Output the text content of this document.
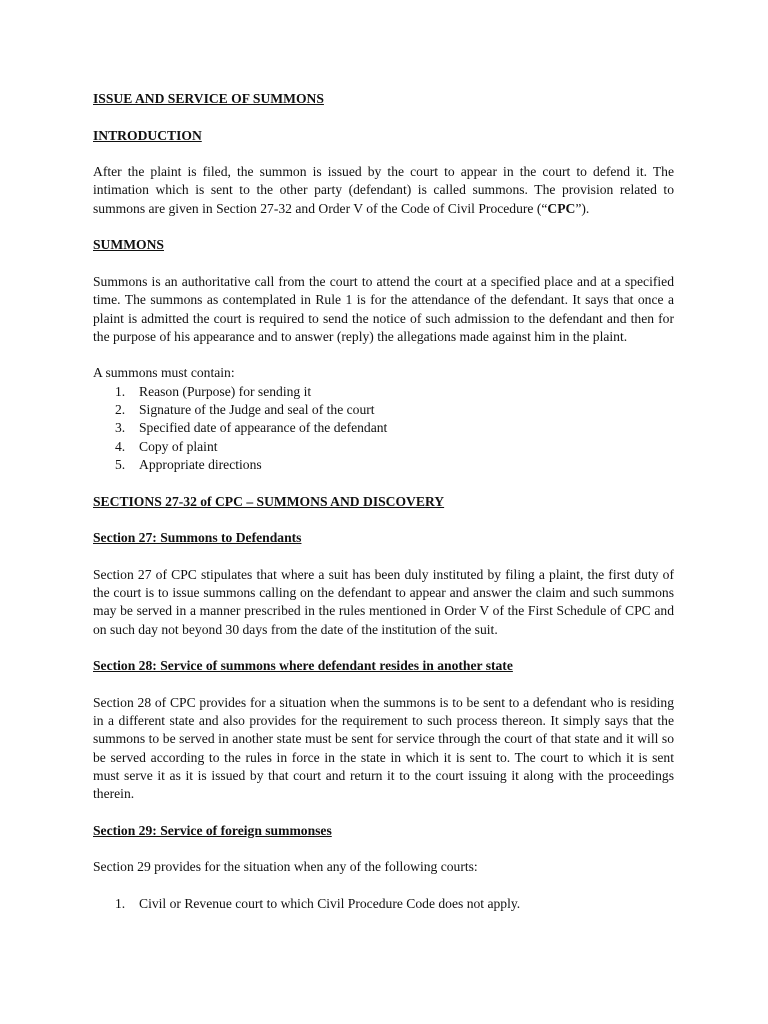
ISSUE AND SERVICE OF SUMMONS

INTRODUCTION

After the plaint is filed, the summon is issued by the court to appear in the court to defend it. The intimation which is sent to the other party (defendant) is called summons. The provision related to summons are given in Section 27-32 and Order V of the Code of Civil Procedure (“CPC”).

SUMMONS

Summons is an authoritative call from the court to attend the court at a specified place and at a specified time. The summons as contemplated in Rule 1 is for the attendance of the defendant. It says that once a plaint is admitted the court is required to send the notice of such admission to the defendant and then for the purpose of his appearance and to answer (reply) the allegations made against him in the plaint.

A summons must contain:

1. Reason (Purpose) for sending it
2. Signature of the Judge and seal of the court
3. Specified date of appearance of the defendant
4. Copy of plaint
5. Appropriate directions

SECTIONS 27-32 of CPC – SUMMONS AND DISCOVERY

Section 27: Summons to Defendants

Section 27 of CPC stipulates that where a suit has been duly instituted by filing a plaint, the first duty of the court is to issue summons calling on the defendant to appear and answer the claim and such summons may be served in a manner prescribed in the rules mentioned in Order V of the First Schedule of CPC and on such day not beyond 30 days from the date of the institution of the suit.

Section 28: Service of summons where defendant resides in another state

Section 28 of CPC provides for a situation when the summons is to be sent to a defendant who is residing in a different state and also provides for the requirement to such process thereon. It simply says that the summons to be served in another state must be sent for service through the court of that state and it will so be served according to the rules in force in the state in which it is sent to. The court to which it is sent must serve it as it is issued by that court and return it to the court issuing it along with the proceedings therein.

Section 29: Service of foreign summonses

Section 29 provides for the situation when any of the following courts:

1. Civil or Revenue court to which Civil Procedure Code does not apply.
